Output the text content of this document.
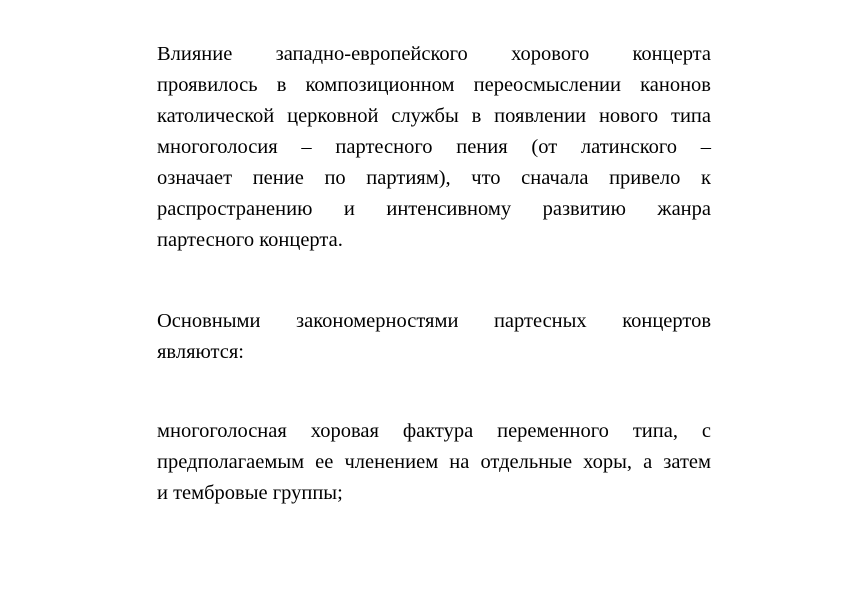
Влияние западно-европейского хорового концерта
проявилось в композиционном переосмыслении канонов
католической церковной службы в появлении нового типа
многоголосия – партесного пения (от латинского –
означает пение по партиям), что сначала привело к
распространению и интенсивному развитию жанра
партесного концерта.

Основными закономерностями партесных концертов
являются:

многоголосная хоровая фактура переменного типа, с
предполагаемым ее членением на отдельные хоры, а затем
и тембровые группы;
